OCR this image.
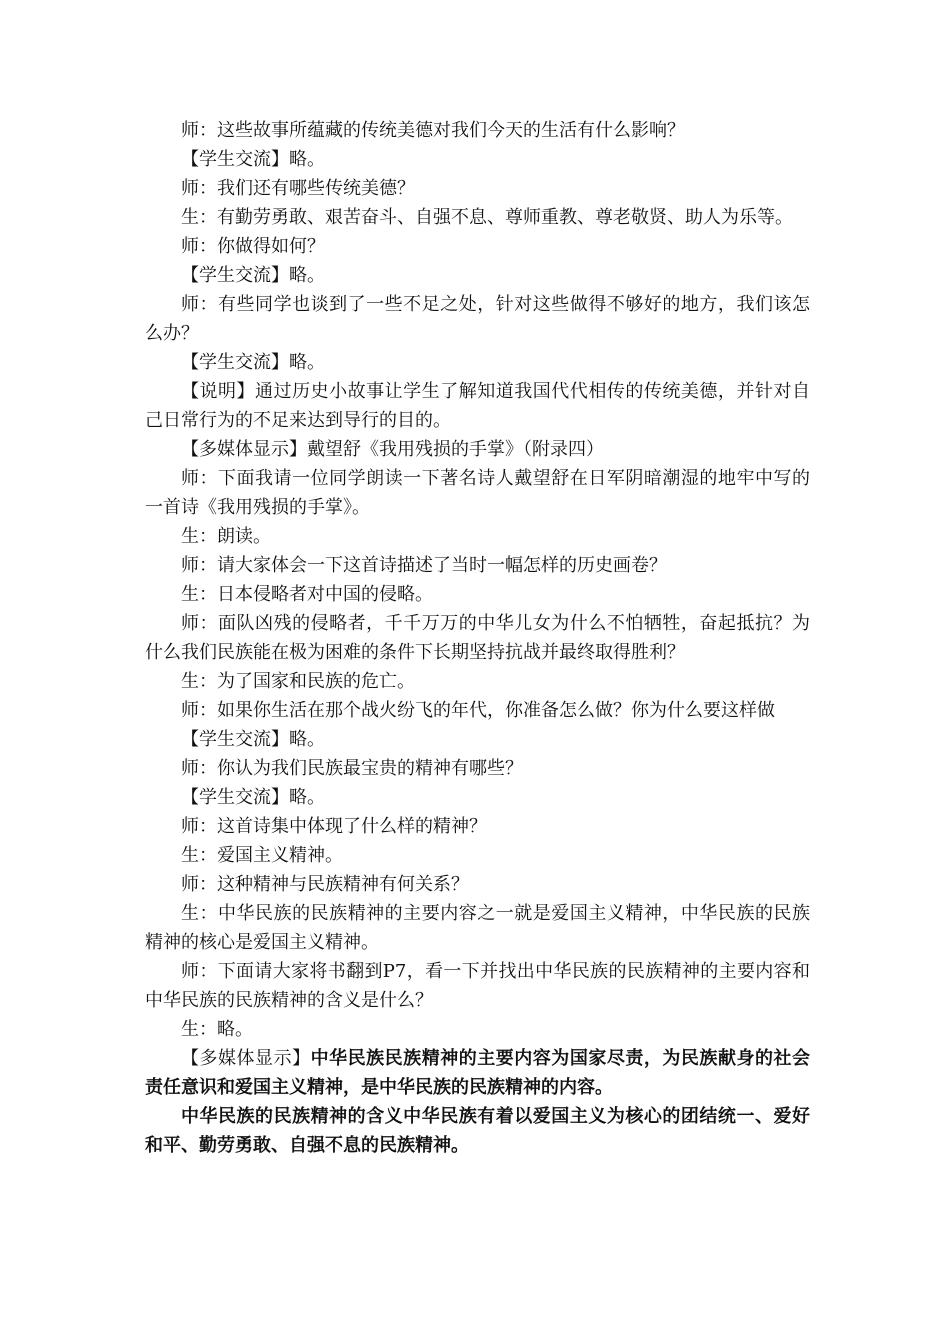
师：这些故事所蕴藏的传统美德对我们今天的生活有什么影响？

【学生交流】略。

师：我们还有哪些传统美德？

生：有勤劳勇敢、艰苦奋斗、自强不息、尊师重教、尊老敬贤、助人为乐等。

师：你做得如何？

【学生交流】略。

师：有些同学也谈到了一些不足之处，针对这些做得不够好的地方，我们该怎么办？

【学生交流】略。

【说明】通过历史小故事让学生了解知道我国代代相传的传统美德，并针对自己日常行为的不足来达到导行的目的。

【多媒体显示】戴望舒《我用残损的手掌》（附录四）

师：下面我请一位同学朗读一下著名诗人戴望舒在日军阴暗潮湿的地牢中写的一首诗《我用残损的手掌》。

生：朗读。

师：请大家体会一下这首诗描述了当时一幅怎样的历史画卷？

生：日本侵略者对中国的侵略。

师：面队凶残的侵略者，千千万万的中华儿女为什么不怕牺牲，奋起抵抗？为什么我们民族能在极为困难的条件下长期坚持抗战并最终取得胜利？

生：为了国家和民族的危亡。

师：如果你生活在那个战火纷飞的年代，你准备怎么做？你为什么要这样做

【学生交流】略。

师：你认为我们民族最宝贵的精神有哪些？

【学生交流】略。

师：这首诗集中体现了什么样的精神？

生：爱国主义精神。

师：这种精神与民族精神有何关系？

生：中华民族的民族精神的主要内容之一就是爱国主义精神，中华民族的民族精神的核心是爱国主义精神。

师：下面请大家将书翻到P7，看一下并找出中华民族的民族精神的主要内容和中华民族的民族精神的含义是什么？

生：略。

【多媒体显示】中华民族民族精神的主要内容为国家尽责，为民族献身的社会责任意识和爱国主义精神，是中华民族的民族精神的内容。

中华民族的民族精神的含义中华民族有着以爱国主义为核心的团结统一、爱好和平、勤劳勇敢、自强不息的民族精神。
